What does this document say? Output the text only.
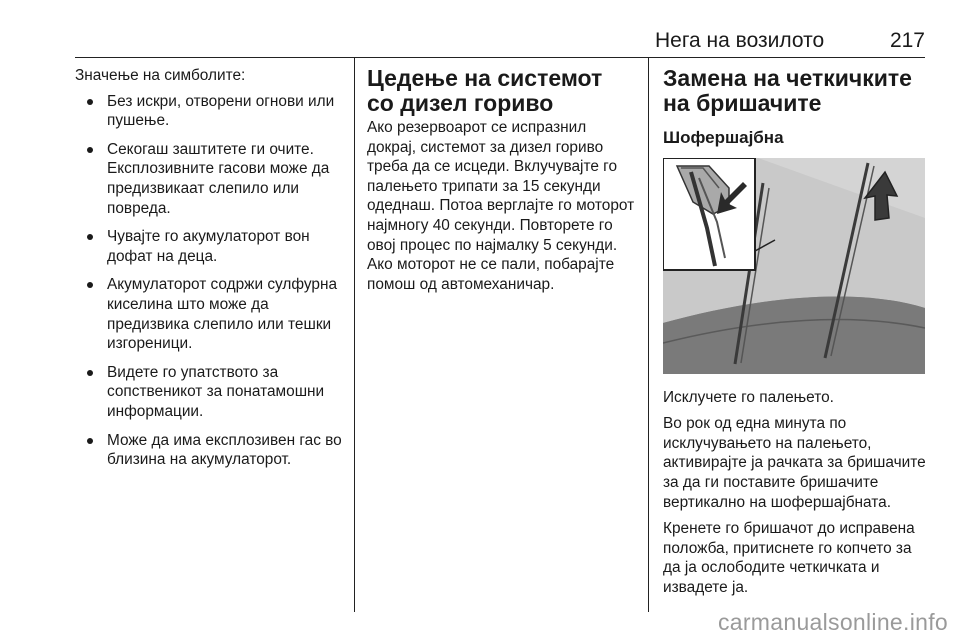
Нега на возилото	217

Значење на симболите:

Без искри, отворени огнови или пушење.
Секогаш заштитете ги очите. Експлозивните гасови може да предизвикаат слепило или повреда.
Чувајте го акумулаторот вон дофат на деца.
Акумулаторот содржи сулфурна киселина што може да предизвика слепило или тешки изгореници.
Видете го упатството за сопственикот за понатамошни информации.
Може да има експлозивен гас во близина на акумулаторот.
Цедење на системот со дизел гориво

Ако резервоарот се испразнил докрај, системот за дизел гориво треба да се исцеди. Вклучувајте го палењето трипати за 15 секунди одеднаш. Потоа верглајте го моторот најмногу 40 секунди. Повторете го овој процес по најмалку 5 секунди. Ако моторот не се пали, побарајте помош од автомеханичар.

Замена на четкичките на бришачите
Шофершајбна

Исклучете го палењето.

Во рок од една минута по исклучувањето на палењето, активирајте ја рачката за бришачите за да ги поставите бришачите вертикално на шофершајбната.

Кренете го бришачот до исправена положба, притиснете го копчето за да ја ослободите четкичката и извадете ја.

carmanualsonline.info
